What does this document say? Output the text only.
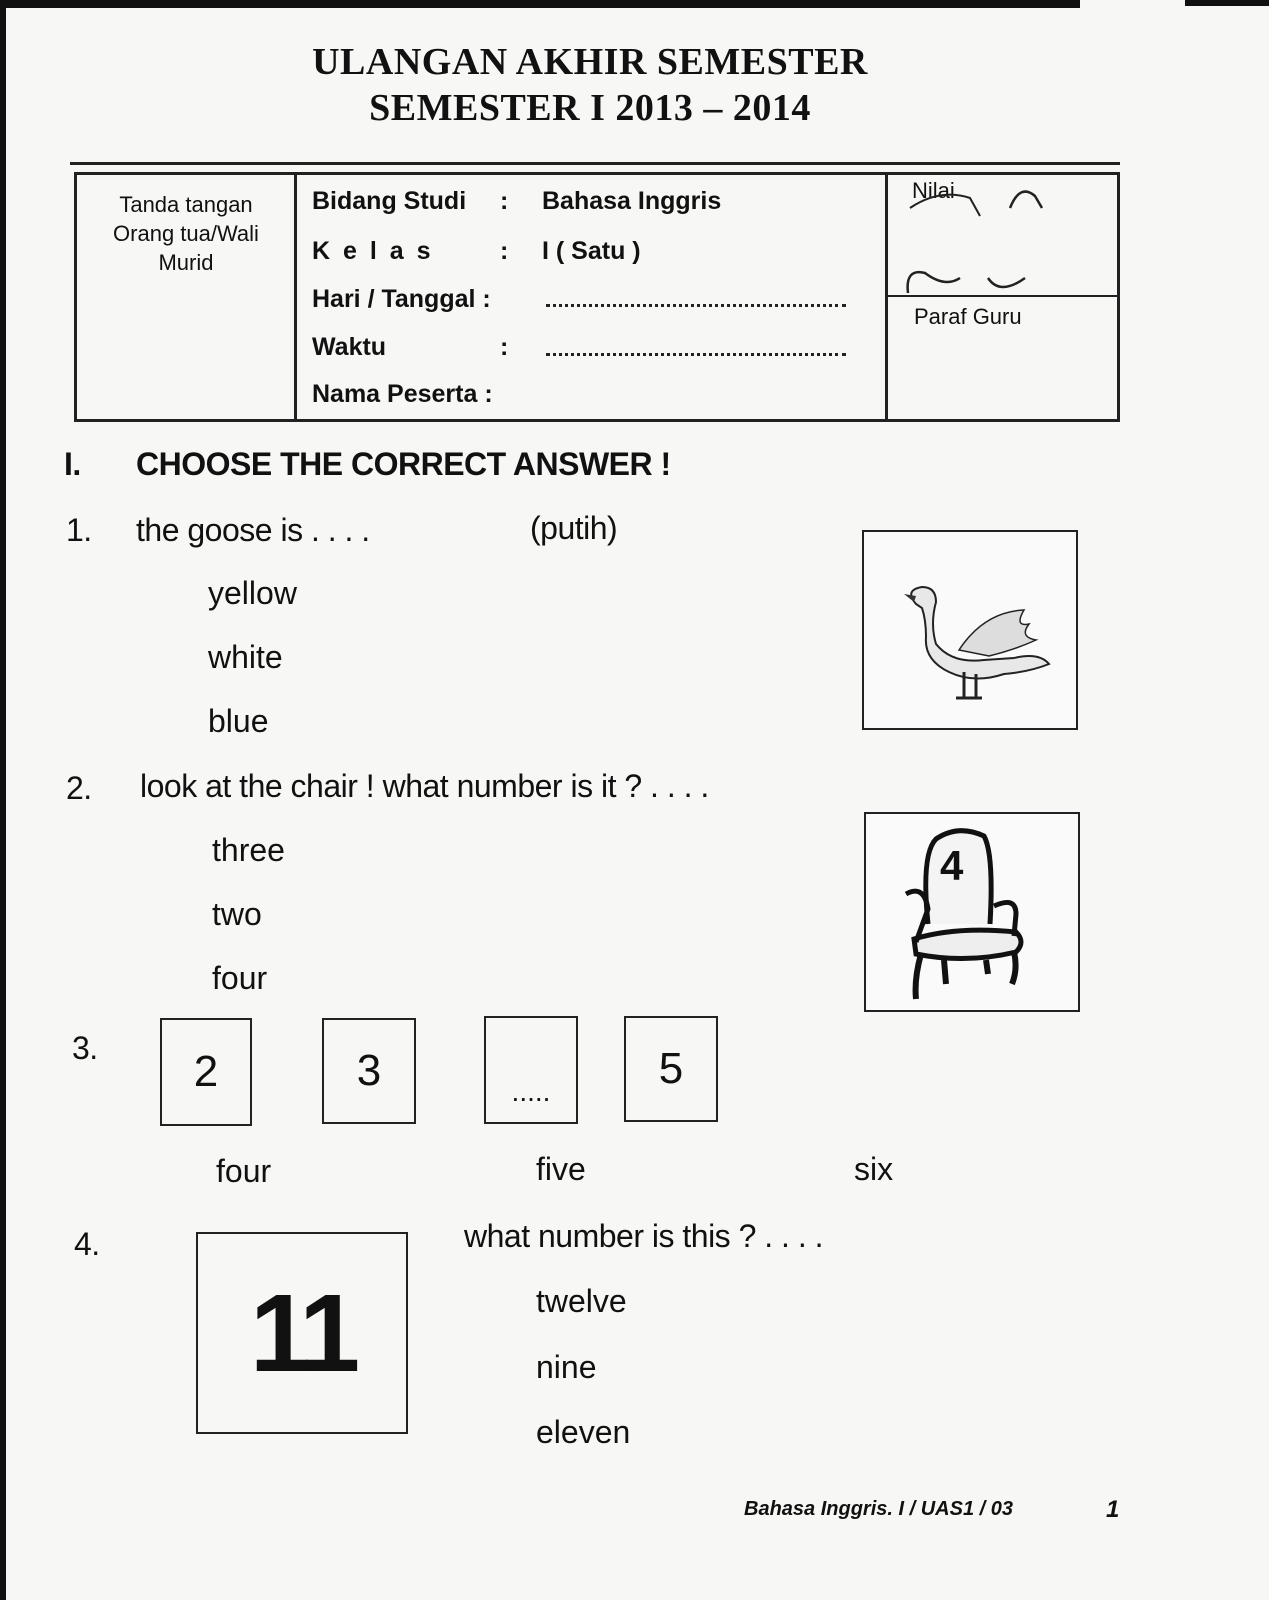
ULANGAN AKHIR SEMESTER
SEMESTER I 2013 – 2014
Tanda tangan Orang tua/Wali Murid
Bidang Studi : Bahasa Inggris
K e l a s	: I ( Satu )
Hari / Tanggal :
Waktu	:
Nama Peserta :
Nilai
Paraf Guru
I. CHOOSE THE CORRECT ANSWER !
1. the goose is . . . .	(putih)
yellow
white
blue
2. look at the chair ! what number is it ? . . . .
three
two
four
4
3.	2	3	.....	5
four	five	six
4.
11
what number is this ? . . . .
twelve
nine
eleven
Bahasa Inggris. I / UAS1 / 03	1
